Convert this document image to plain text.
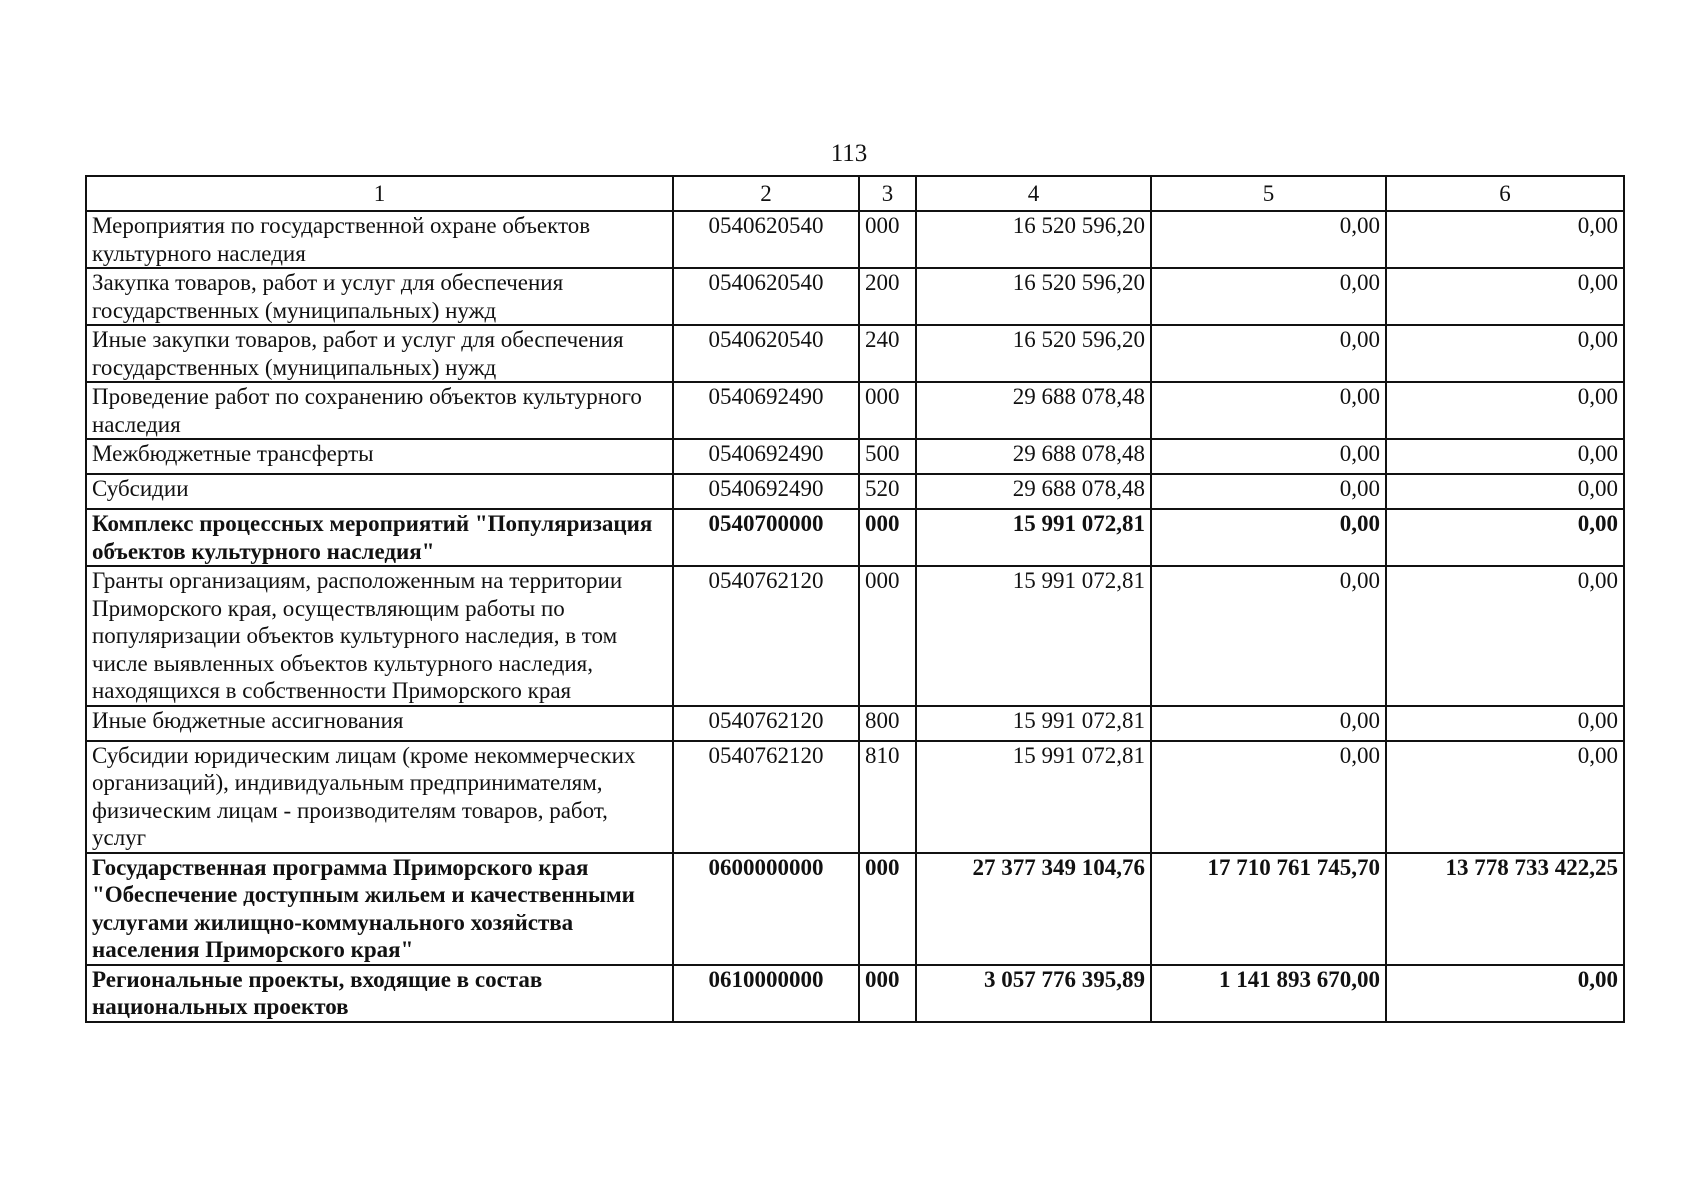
113
1	2	3	4	5	6
Мероприятия по государственной охране объектов культурного наследия	0540620540	000	16 520 596,20	0,00	0,00
Закупка товаров, работ и услуг для обеспечения государственных (муниципальных) нужд	0540620540	200	16 520 596,20	0,00	0,00
Иные закупки товаров, работ и услуг для обеспечения государственных (муниципальных) нужд	0540620540	240	16 520 596,20	0,00	0,00
Проведение работ по сохранению объектов культурного наследия	0540692490	000	29 688 078,48	0,00	0,00
Межбюджетные трансферты	0540692490	500	29 688 078,48	0,00	0,00
Субсидии	0540692490	520	29 688 078,48	0,00	0,00
Комплекс процессных мероприятий "Популяризация объектов культурного наследия"	0540700000	000	15 991 072,81	0,00	0,00
Гранты организациям, расположенным на территории Приморского края, осуществляющим работы по популяризации объектов культурного наследия, в том числе выявленных объектов культурного наследия, находящихся в собственности Приморского края	0540762120	000	15 991 072,81	0,00	0,00
Иные бюджетные ассигнования	0540762120	800	15 991 072,81	0,00	0,00
Субсидии юридическим лицам (кроме некоммерческих организаций), индивидуальным предпринимателям, физическим лицам - производителям товаров, работ, услуг	0540762120	810	15 991 072,81	0,00	0,00
Государственная программа Приморского края "Обеспечение доступным жильем и качественными услугами жилищно-коммунального хозяйства населения Приморского края"	0600000000	000	27 377 349 104,76	17 710 761 745,70	13 778 733 422,25
Региональные проекты, входящие в состав национальных проектов	0610000000	000	3 057 776 395,89	1 141 893 670,00	0,00
